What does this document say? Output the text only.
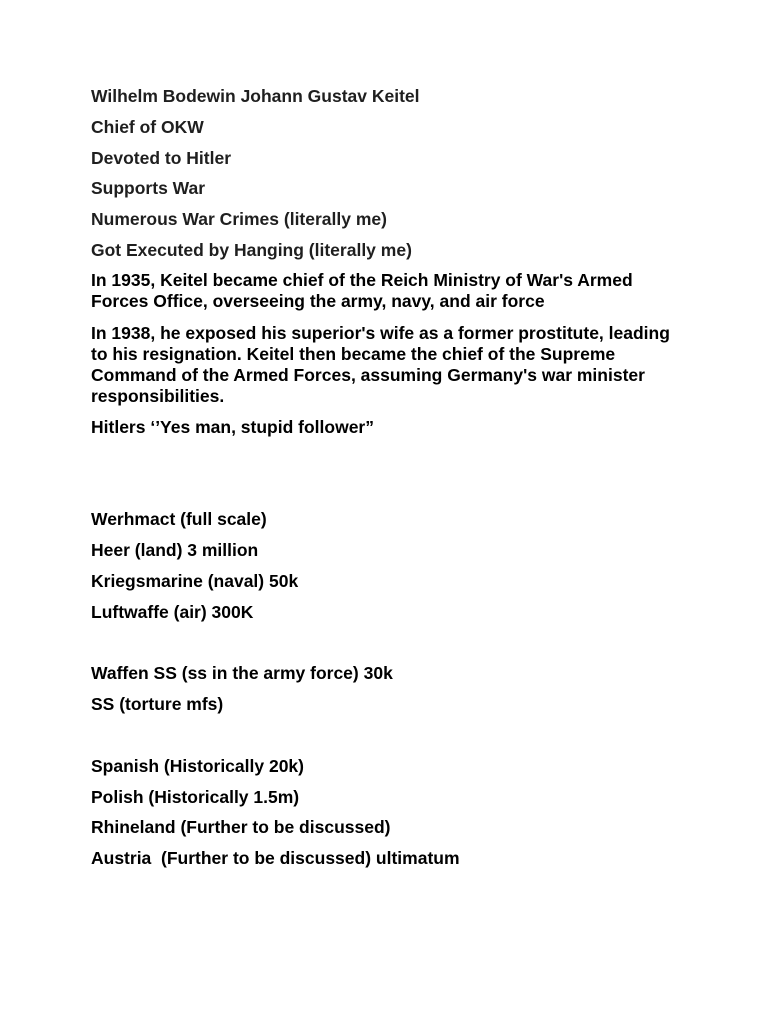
Wilhelm Bodewin Johann Gustav Keitel
Chief of OKW
Devoted to Hitler
Supports War
Numerous War Crimes (literally me)
Got Executed by Hanging (literally me)
In 1935, Keitel became chief of the Reich Ministry of War's Armed Forces Office, overseeing the army, navy, and air force
In 1938, he exposed his superior's wife as a former prostitute, leading to his resignation. Keitel then became the chief of the Supreme Command of the Armed Forces, assuming Germany's war minister responsibilities.
Hitlers ‘’Yes man, stupid follower”
Werhmact (full scale)
Heer (land) 3 million
Kriegsmarine (naval) 50k
Luftwaffe (air) 300K
Waffen SS (ss in the army force) 30k
SS (torture mfs)
Spanish (Historically 20k)
Polish (Historically 1.5m)
Rhineland (Further to be discussed)
Austria  (Further to be discussed) ultimatum
